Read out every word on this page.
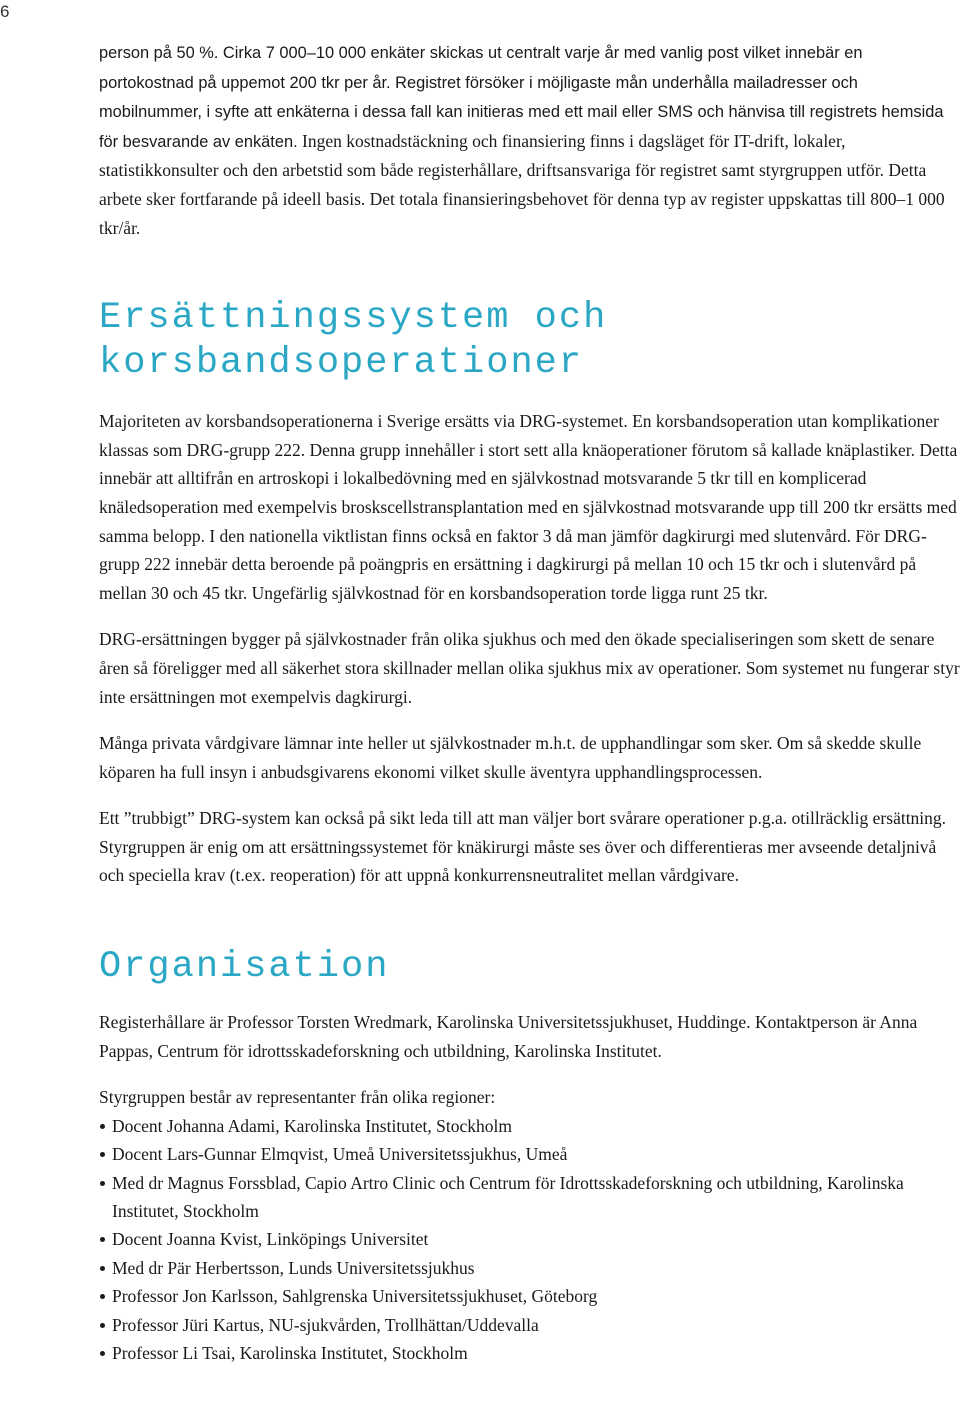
6

person på 50 %. Cirka 7 000–10 000 enkäter skickas ut centralt varje år med vanlig post vilket innebär en portokostnad på uppemot 200 tkr per år. Registret försöker i möjligaste mån underhålla mailadresser och mobilnummer, i syfte att enkäterna i dessa fall kan initieras med ett mail eller SMS och hänvisa till registrets hemsida för besvarande av enkäten. Ingen kostnadstäckning och finansiering finns i dagsläget för IT-drift, lokaler, statistikkonsulter och den arbetstid som både registerhållare, driftsansvariga för registret samt styrgruppen utför. Detta arbete sker fortfarande på ideell basis. Det totala finansieringsbehovet för denna typ av register uppskattas till 800–1 000 tkr/år.

Ersättningssystem och korsbandsoperationer

Majoriteten av korsbandsoperationerna i Sverige ersätts via DRG-systemet. En korsbandsoperation utan komplikationer klassas som DRG-grupp 222. Denna grupp innehåller i stort sett alla knäoperationer förutom så kallade knäplastiker. Detta innebär att alltifrån en artroskopi i lokalbedövning med en självkostnad motsvarande 5 tkr till en komplicerad knäledsoperation med exempelvis broskscellstransplantation med en självkostnad motsvarande upp till 200 tkr ersätts med samma belopp. I den nationella viktlistan finns också en faktor 3 då man jämför dagkirurgi med slutenvård. För DRG-grupp 222 innebär detta beroende på poängpris en ersättning i dagkirurgi på mellan 10 och 15 tkr och i slutenvård på mellan 30 och 45 tkr. Ungefärlig självkostnad för en korsbandsoperation torde ligga runt 25 tkr.

DRG-ersättningen bygger på självkostnader från olika sjukhus och med den ökade specialiseringen som skett de senare åren så föreligger med all säkerhet stora skillnader mellan olika sjukhus mix av operationer. Som systemet nu fungerar styr inte ersättningen mot exempelvis dagkirurgi.

Många privata vårdgivare lämnar inte heller ut självkostnader m.h.t. de upphandlingar som sker. Om så skedde skulle köparen ha full insyn i anbudsgivarens ekonomi vilket skulle äventyra upphandlingsprocessen.

Ett ”trubbigt” DRG-system kan också på sikt leda till att man väljer bort svårare operationer p.g.a. otillräcklig ersättning. Styrgruppen är enig om att ersättningssystemet för knäkirurgi måste ses över och differentieras mer avseende detaljnivå och speciella krav (t.ex. reoperation) för att uppnå konkurrensneutralitet mellan vårdgivare.

Organisation

Registerhållare är Professor Torsten Wredmark, Karolinska Universitetssjukhuset, Huddinge. Kontaktperson är Anna Pappas, Centrum för idrottsskadeforskning och utbildning, Karolinska Institutet.

Styrgruppen består av representanter från olika regioner:

Docent Johanna Adami, Karolinska Institutet, Stockholm
Docent Lars-Gunnar Elmqvist, Umeå Universitetssjukhus, Umeå
Med dr Magnus Forssblad, Capio Artro Clinic och Centrum för Idrottsskadeforskning och utbildning, Karolinska Institutet, Stockholm
Docent Joanna Kvist, Linköpings Universitet
Med dr Pär Herbertsson, Lunds Universitetssjukhus
Professor Jon Karlsson, Sahlgrenska Universitetssjukhuset, Göteborg
Professor Jüri Kartus, NU-sjukvården, Trollhättan/Uddevalla
Professor Li Tsai, Karolinska Institutet, Stockholm
